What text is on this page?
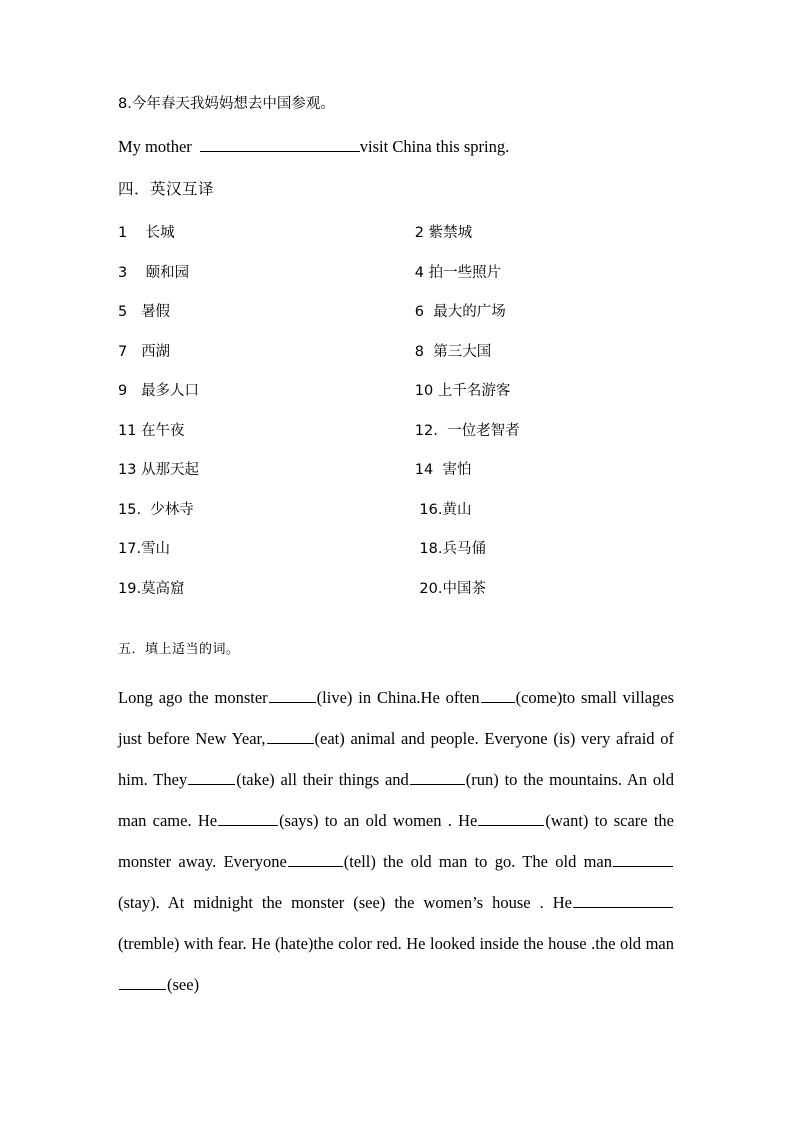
8.今年春天我妈妈想去中国参观。

My mother	visit China this spring.

四．英汉互译

1 长城	2 紫禁城
3 颐和园	4 拍一些照片
5 暑假	6 最大的广场
7 西湖	8 第三大国
9 最多人口	10 上千名游客
11 在午夜	12. 一位老智者
13 从那天起	14 害怕
15. 少林寺	16.黄山
17.雪山	18.兵马俑
19.莫高窟	20.中国茶

五．填上适当的词。

Long ago the monster	(live) in China.He often (come)to small villages just before New Year,	(eat) animal and people. Everyone (is) very afraid of him. They	(take) all their things and	(run) to the mountains. An old man came. He	(says) to an old women . He	(want) to scare the monster away. Everyone	(tell) the old man to go. The old man(stay). At midnight the monster (see) the women’s house . He(tremble) with fear. He (hate)the color red. He looked inside the house .the old man(see)
